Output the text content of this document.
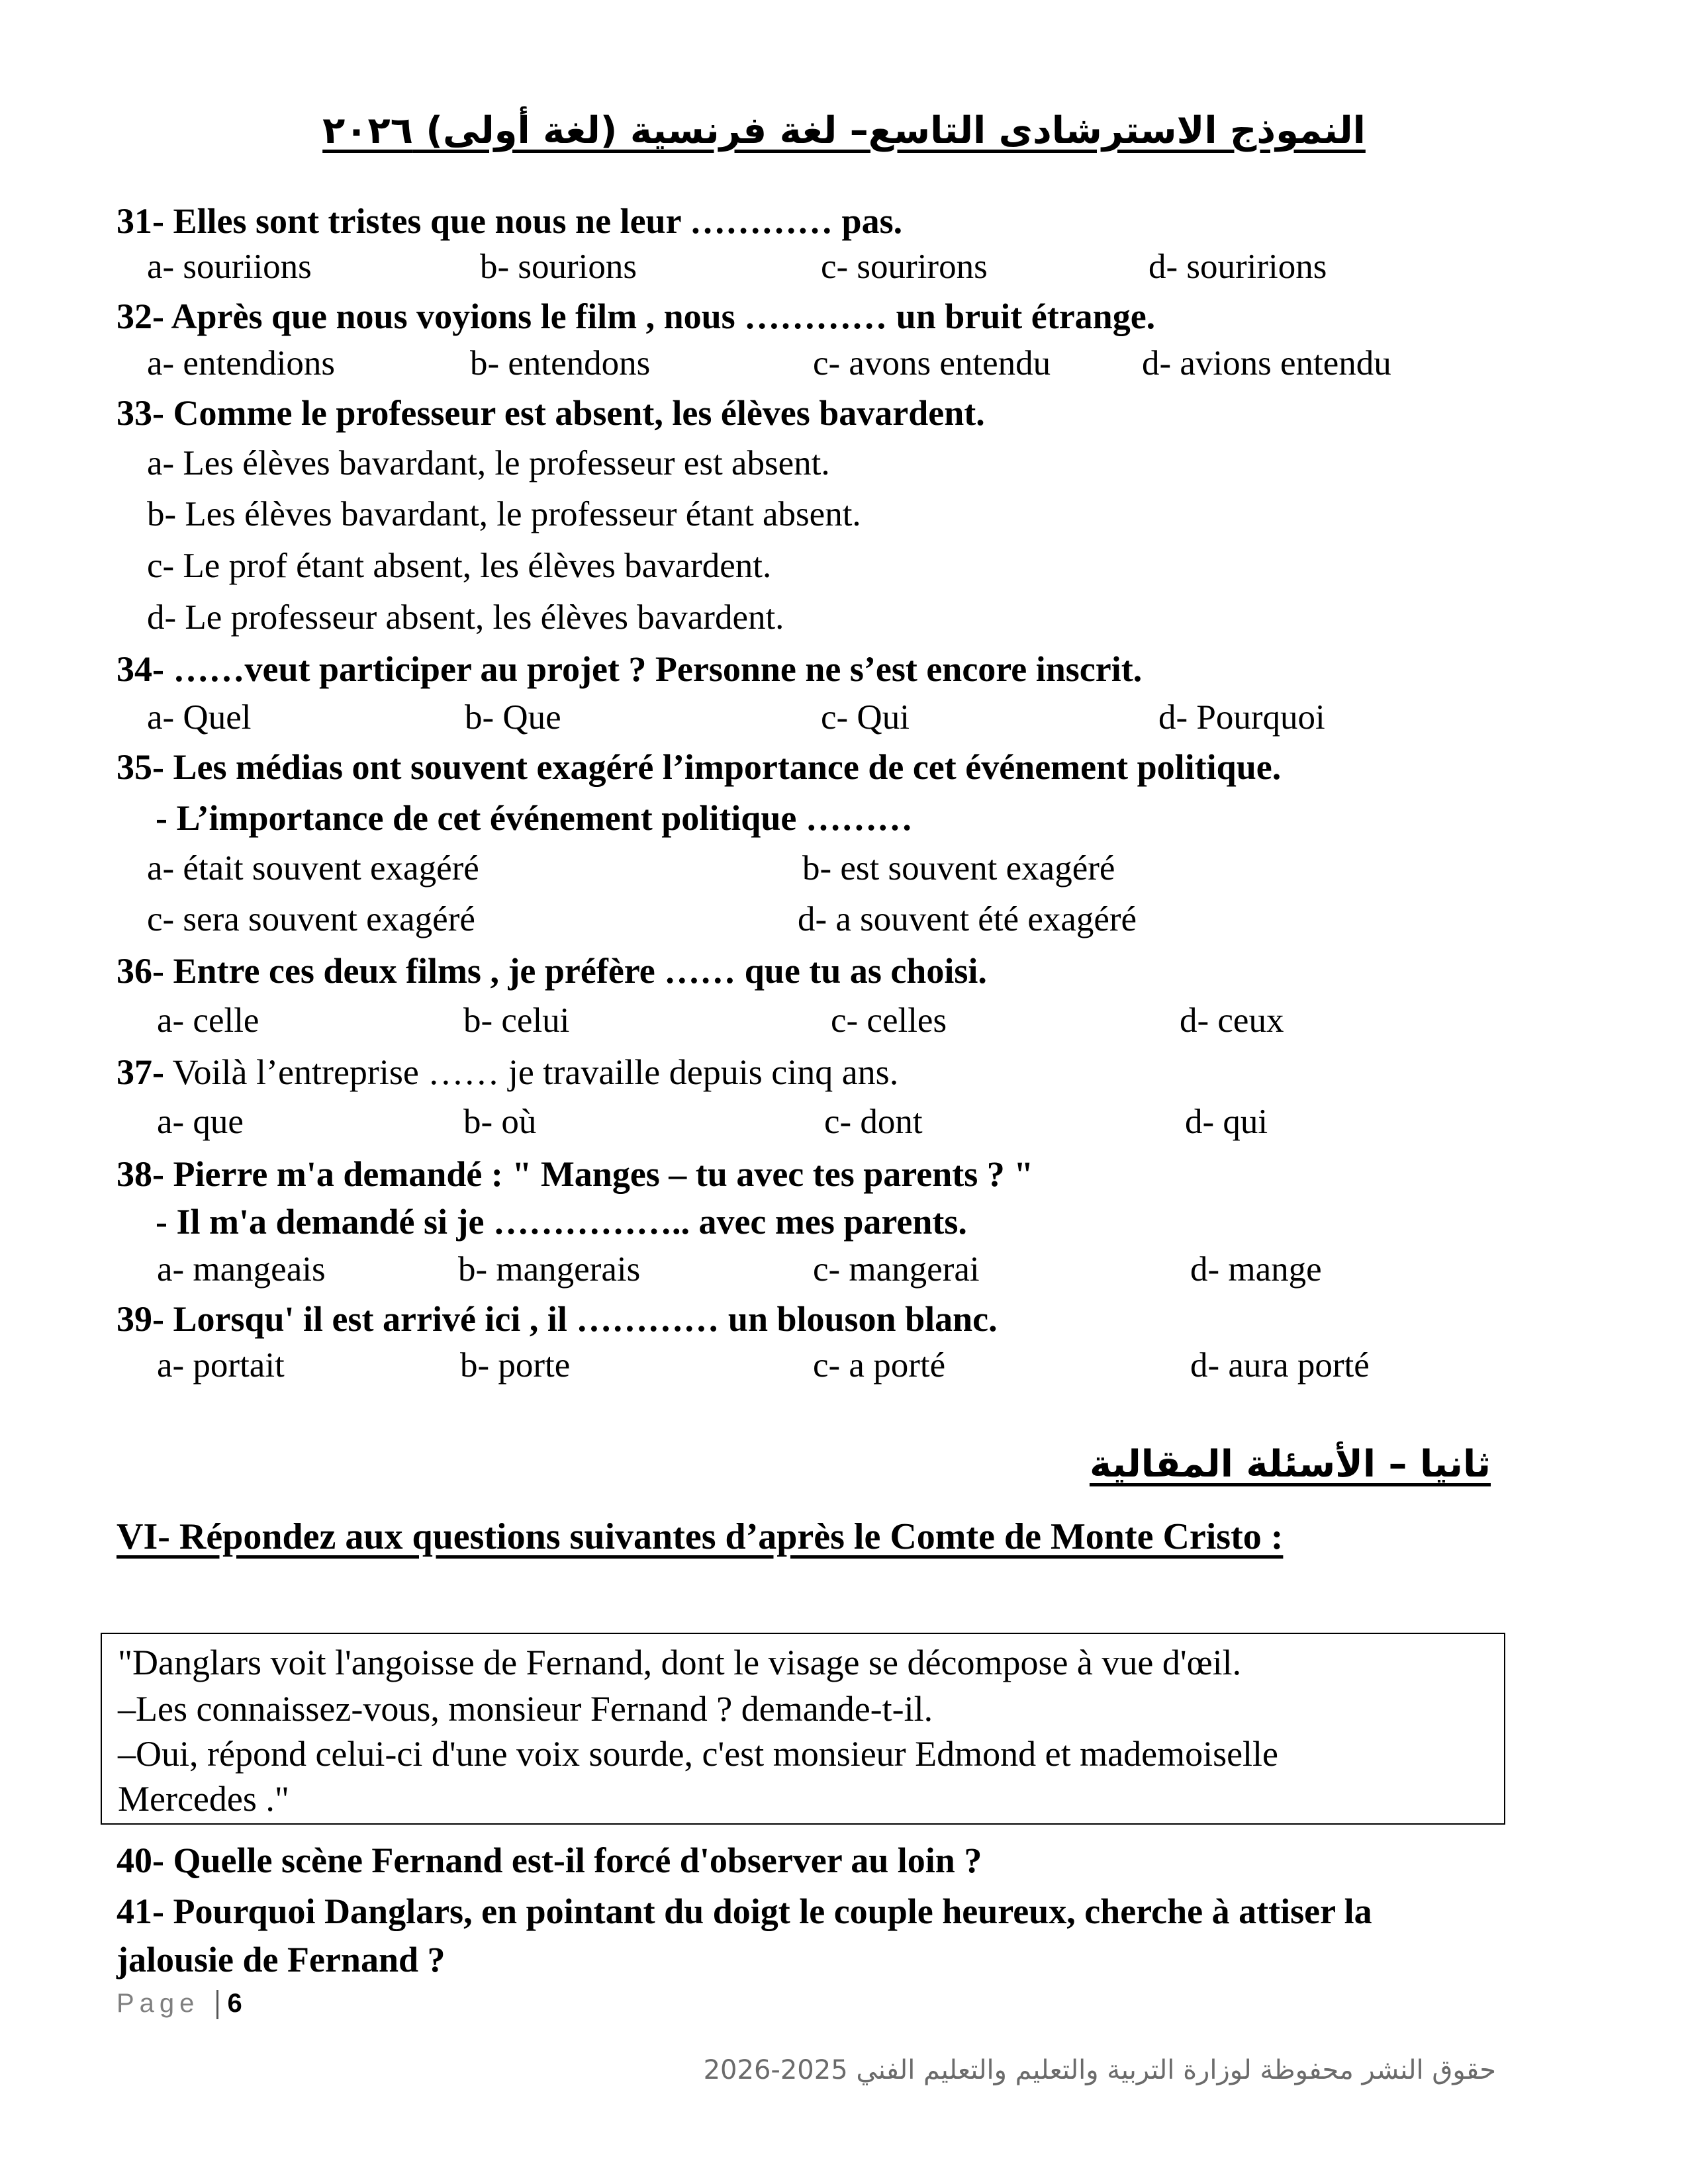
النموذج الاسترشادى التاسع– لغة فرنسية (لغة أولى) ٢٠٢٦
31- Elles sont tristes que nous ne leur ………… pas.
a- souriions	b- sourions	c- sourirons	d- souririons
32- Après que nous voyions le film , nous ………… un bruit étrange.
a- entendions	b- entendons	c- avons entendu	d- avions entendu
33- Comme le professeur est absent, les élèves bavardent.
a- Les élèves bavardant, le professeur est absent.
b- Les élèves bavardant, le professeur étant absent.
c- Le prof étant absent, les élèves bavardent.
d- Le professeur absent, les élèves bavardent.
34- ……veut participer au projet ? Personne ne s’est encore inscrit.
a- Quel	b- Que	c- Qui	d- Pourquoi
35- Les médias ont souvent exagéré l’importance de cet événement politique.
- L’importance de cet événement politique ………
a- était souvent exagéré	b- est souvent exagéré
c- sera souvent exagéré	d- a souvent été exagéré
36- Entre ces deux films , je préfère …… que tu as choisi.
a- celle	b- celui	c- celles	d- ceux
37- Voilà l’entreprise …… je travaille depuis cinq ans.
a- que	b- où	c- dont	d- qui
38- Pierre m'a demandé : " Manges – tu avec tes parents ? "
- Il m'a demandé si je …………….. avec mes parents.
a- mangeais	b- mangerais	c- mangerai	d- mange
39- Lorsqu' il est arrivé ici , il ………… un blouson blanc.
a- portait	b- porte	c- a porté	d- aura porté
ثانيا – الأسئلة المقالية
VI- Répondez aux questions suivantes d’après le Comte de Monte Cristo :
"Danglars voit l'angoisse de Fernand, dont le visage se décompose à vue d'œil.
–Les connaissez-vous, monsieur Fernand ? demande-t-il.
–Oui, répond celui-ci d'une voix sourde, c'est monsieur Edmond et mademoiselle
Mercedes ."
40- Quelle scène Fernand est-il forcé d'observer au loin ?
41- Pourquoi Danglars, en pointant du doigt le couple heureux, cherche à attiser la
jalousie de Fernand ?
Page 6
حقوق النشر محفوظة لوزارة التربية والتعليم والتعليم الفني 2025-2026
